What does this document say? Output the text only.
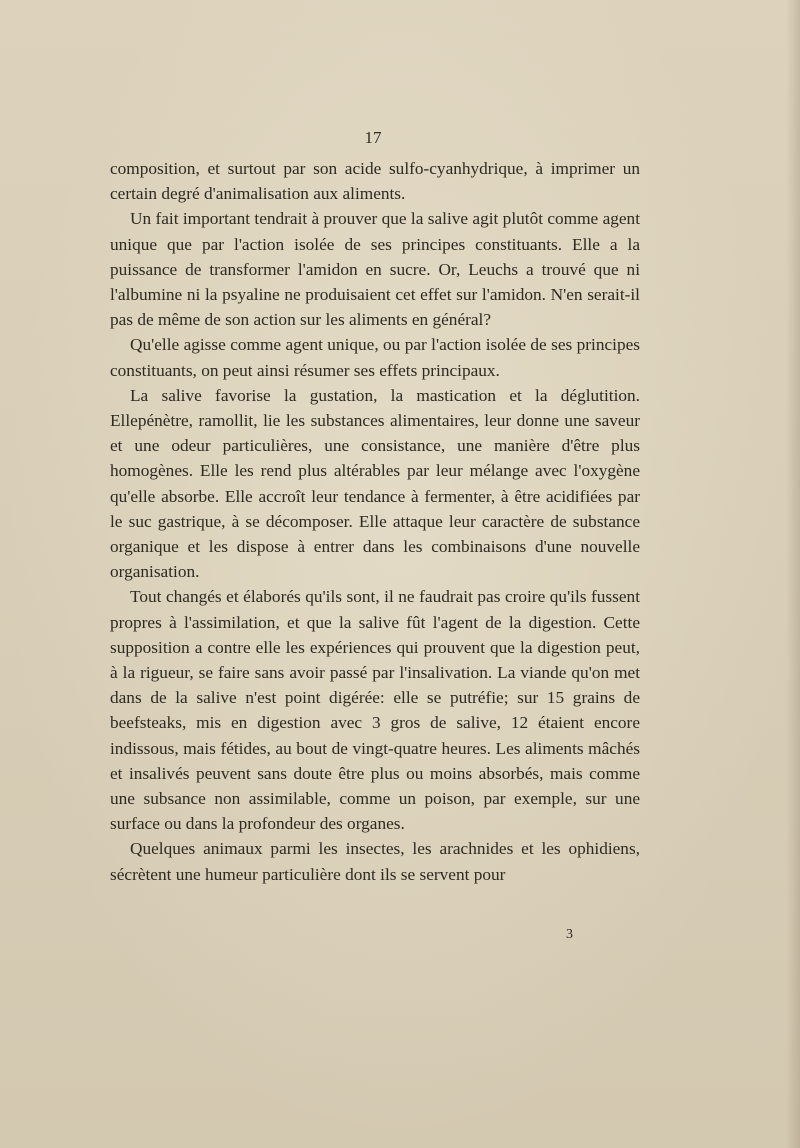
17

composition, et surtout par son acide sulfo-cyanhydrique, à imprimer un certain degré d'animalisation aux aliments.

Un fait important tendrait à prouver que la salive agit plutôt comme agent unique que par l'action isolée de ses principes constituants. Elle a la puissance de transformer l'amidon en sucre. Or, Leuchs a trouvé que ni l'albumine ni la psyaline ne produisaient cet effet sur l'amidon. N'en serait-il pas de même de son action sur les aliments en général?

Qu'elle agisse comme agent unique, ou par l'action isolée de ses principes constituants, on peut ainsi résumer ses effets principaux.

La salive favorise la gustation, la mastication et la déglutition. Ellepénètre, ramollit, lie les substances alimentaires, leur donne une saveur et une odeur particulières, une consistance, une manière d'être plus homogènes. Elle les rend plus altérables par leur mélange avec l'oxygène qu'elle absorbe. Elle accroît leur tendance à fermenter, à être acidifiées par le suc gastrique, à se décomposer. Elle attaque leur caractère de substance organique et les dispose à entrer dans les combinaisons d'une nouvelle organisation.

Tout changés et élaborés qu'ils sont, il ne faudrait pas croire qu'ils fussent propres à l'assimilation, et que la salive fût l'agent de la digestion. Cette supposition a contre elle les expériences qui prouvent que la digestion peut, à la rigueur, se faire sans avoir passé par l'insalivation. La viande qu'on met dans de la salive n'est point digérée: elle se putréfie; sur 15 grains de beefsteaks, mis en digestion avec 3 gros de salive, 12 étaient encore indissous, mais fétides, au bout de vingt-quatre heures. Les aliments mâchés et insalivés peuvent sans doute être plus ou moins absorbés, mais comme une subsance non assimilable, comme un poison, par exemple, sur une surface ou dans la profondeur des organes.

Quelques animaux parmi les insectes, les arachnides et les ophidiens, sécrètent une humeur particulière dont ils se servent pour

3
